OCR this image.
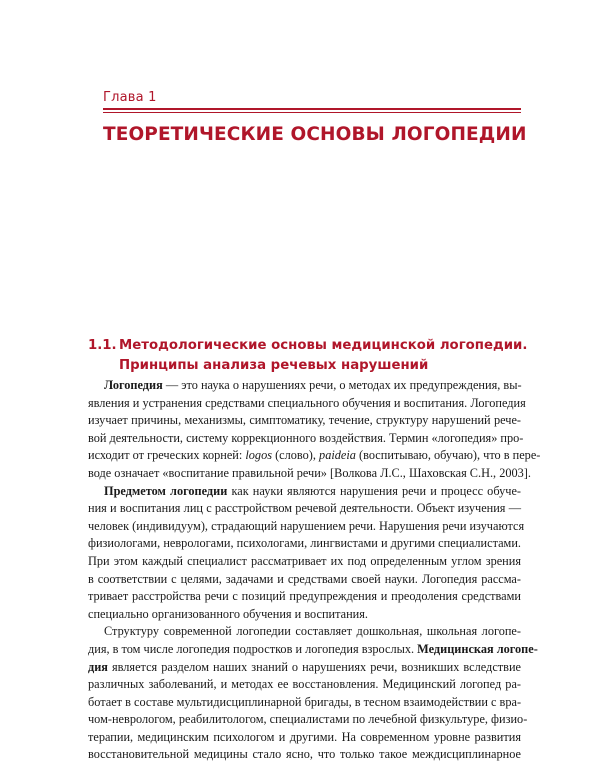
Глава 1
ТЕОРЕТИЧЕСКИЕ ОСНОВЫ ЛОГОПЕДИИ
1.1. Методологические основы медицинской логопедии.
Принципы анализа речевых нарушений
Логопедия — это наука о нарушениях речи, о методах их предупреждения, вы-
явления и устранения средствами специального обучения и воспитания. Логопедия
изучает причины, механизмы, симптоматику, течение, структуру нарушений рече-
вой деятельности, систему коррекционного воздействия. Термин «логопедия» про-
исходит от греческих корней: logos (слово), paideia (воспитываю, обучаю), что в пере-
воде означает «воспитание правильной речи» [Волкова Л.С., Шаховская С.Н., 2003].
Предметом логопедии как науки являются нарушения речи и процесс обуче-
ния и воспитания лиц с расстройством речевой деятельности. Объект изучения —
человек (индивидуум), страдающий нарушением речи. Нарушения речи изучаются
физиологами, неврологами, психологами, лингвистами и другими специалистами.
При этом каждый специалист рассматривает их под определенным углом зрения
в соответствии с целями, задачами и средствами своей науки. Логопедия рассма-
тривает расстройства речи с позиций предупреждения и преодоления средствами
специально организованного обучения и воспитания.
Структуру современной логопедии составляет дошкольная, школьная логопе-
дия, в том числе логопедия подростков и логопедия взрослых. Медицинская логопе-
дия является разделом наших знаний о нарушениях речи, возникших вследствие
различных заболеваний, и методах ее восстановления. Медицинский логопед ра-
ботает в составе мультидисциплинарной бригады, в тесном взаимодействии с вра-
чом-неврологом, реабилитологом, специалистами по лечебной физкультуре, физио-
терапии, медицинским психологом и другими. На современном уровне развития
восстановительной медицины стало ясно, что только такое междисциплинарное
